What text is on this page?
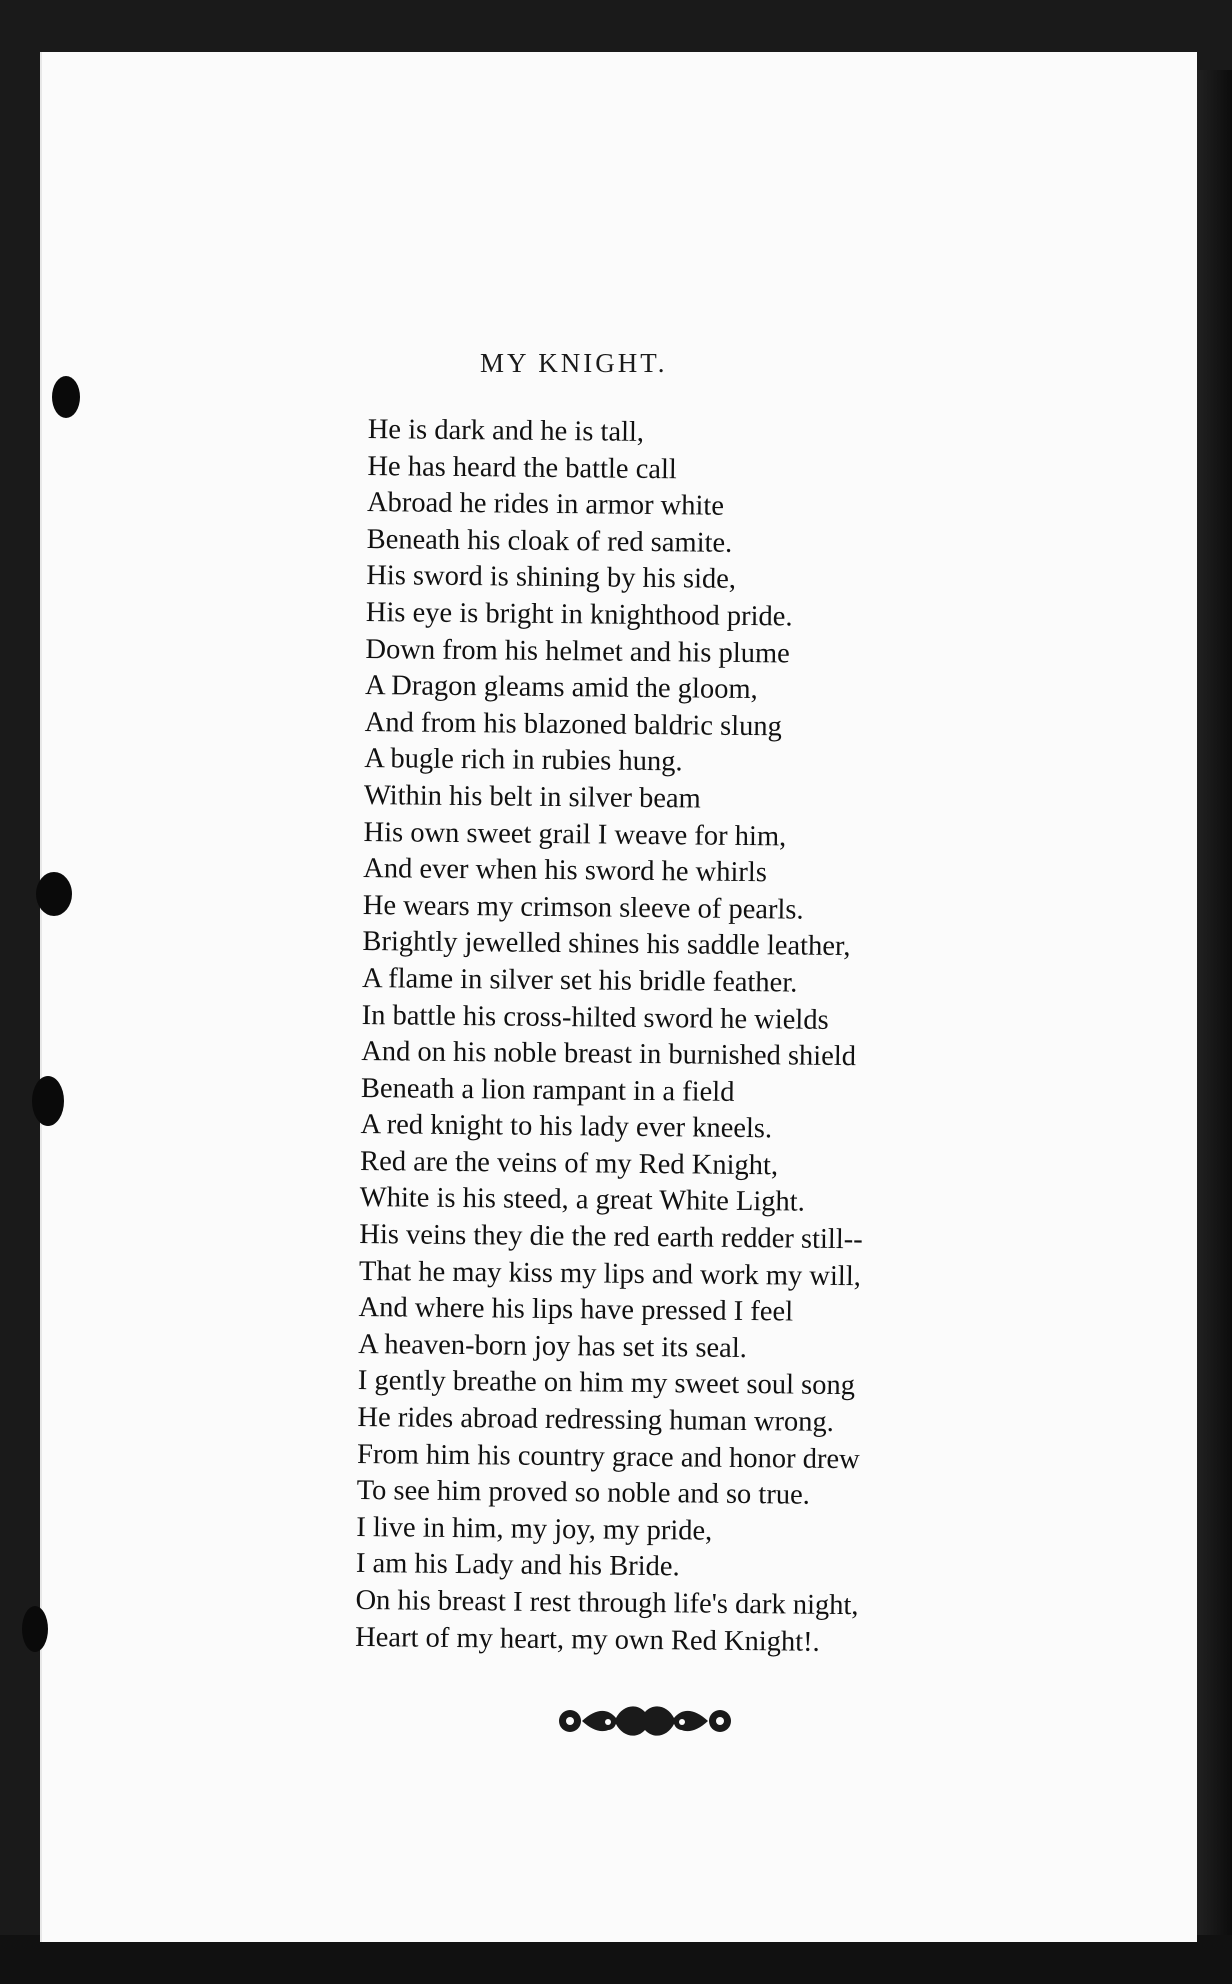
MY KNIGHT.
He is dark and he is tall,
He has heard the battle call
Abroad he rides in armor white
Beneath his cloak of red samite.
His sword is shining by his side,
His eye is bright in knighthood pride.
Down from his helmet and his plume
A Dragon gleams amid the gloom,
And from his blazoned baldric slung
A bugle rich in rubies hung.
Within his belt in silver beam
His own sweet grail I weave for him,
And ever when his sword he whirls
He wears my crimson sleeve of pearls.
Brightly jewelled shines his saddle leather,
A flame in silver set his bridle feather.
In battle his cross-hilted sword he wields
And on his noble breast in burnished shield
Beneath a lion rampant in a field
A red knight to his lady ever kneels.
Red are the veins of my Red Knight,
White is his steed, a great White Light.
His veins they die the red earth redder still--
That he may kiss my lips and work my will,
And where his lips have pressed I feel
A heaven-born joy has set its seal.
I gently breathe on him my sweet soul song
He rides abroad redressing human wrong.
From him his country grace and honor drew
To see him proved so noble and so true.
I live in him, my joy, my pride,
I am his Lady and his Bride.
On his breast I rest through life's dark night,
Heart of my heart, my own Red Knight!.
